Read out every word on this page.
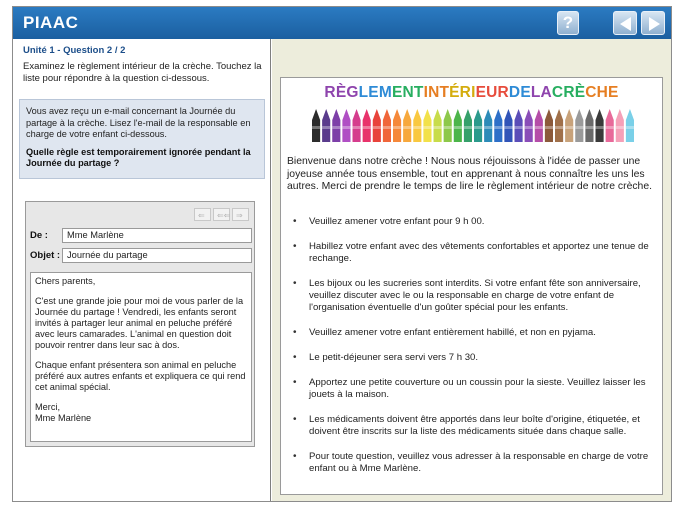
PIAAC	?
Unité 1 - Question 2 / 2
Examinez le règlement intérieur de la crèche. Touchez la liste pour répondre à la question ci-dessous.

Vous avez reçu un e-mail concernant la Journée du partage à la crèche. Lisez l'e-mail de la responsable en charge de votre enfant ci-dessous.

Quelle règle est temporairement ignorée pendant la Journée du partage ?

⇐ ⇐⇐ ⇒
De :	Mme Marlène
Objet : Journée du partage

Chers parents,

C'est une grande joie pour moi de vous parler de la Journée du partage ! Vendredi, les enfants seront invités à partager leur animal en peluche préféré avec leurs camarades. L'animal en question doit pouvoir rentrer dans leur sac à dos.

Chaque enfant présentera son animal en peluche préféré aux autres enfants et expliquera ce qui rend cet animal spécial.

Merci,

Mme Marlène

RÈGLEMENTINTÉRIEURDELACRÈCHE
Bienvenue dans notre crèche ! Nous nous réjouissons à l'idée de passer une joyeuse année tous ensemble, tout en apprenant à nous connaître les uns les autres. Merci de prendre le temps de lire le règlement intérieur de notre crèche.
• Veuillez amener votre enfant pour 9 h 00.
• Habillez votre enfant avec des vêtements confortables et apportez une tenue de rechange.
• Les bijoux ou les sucreries sont interdits. Si votre enfant fête son anniversaire, veuillez discuter avec le ou la responsable en charge de votre enfant de l'organisation éventuelle d'un goûter spécial pour les enfants.
• Veuillez amener votre enfant entièrement habillé, et non en pyjama.
• Le petit-déjeuner sera servi vers 7 h 30.
• Apportez une petite couverture ou un coussin pour la sieste. Veuillez laisser les jouets à la maison.
• Les médicaments doivent être apportés dans leur boîte d'origine, étiquetée, et doivent être inscrits sur la liste des médicaments située dans chaque salle.
• Pour toute question, veuillez vous adresser à la responsable en charge de votre enfant ou à Mme Marlène.
